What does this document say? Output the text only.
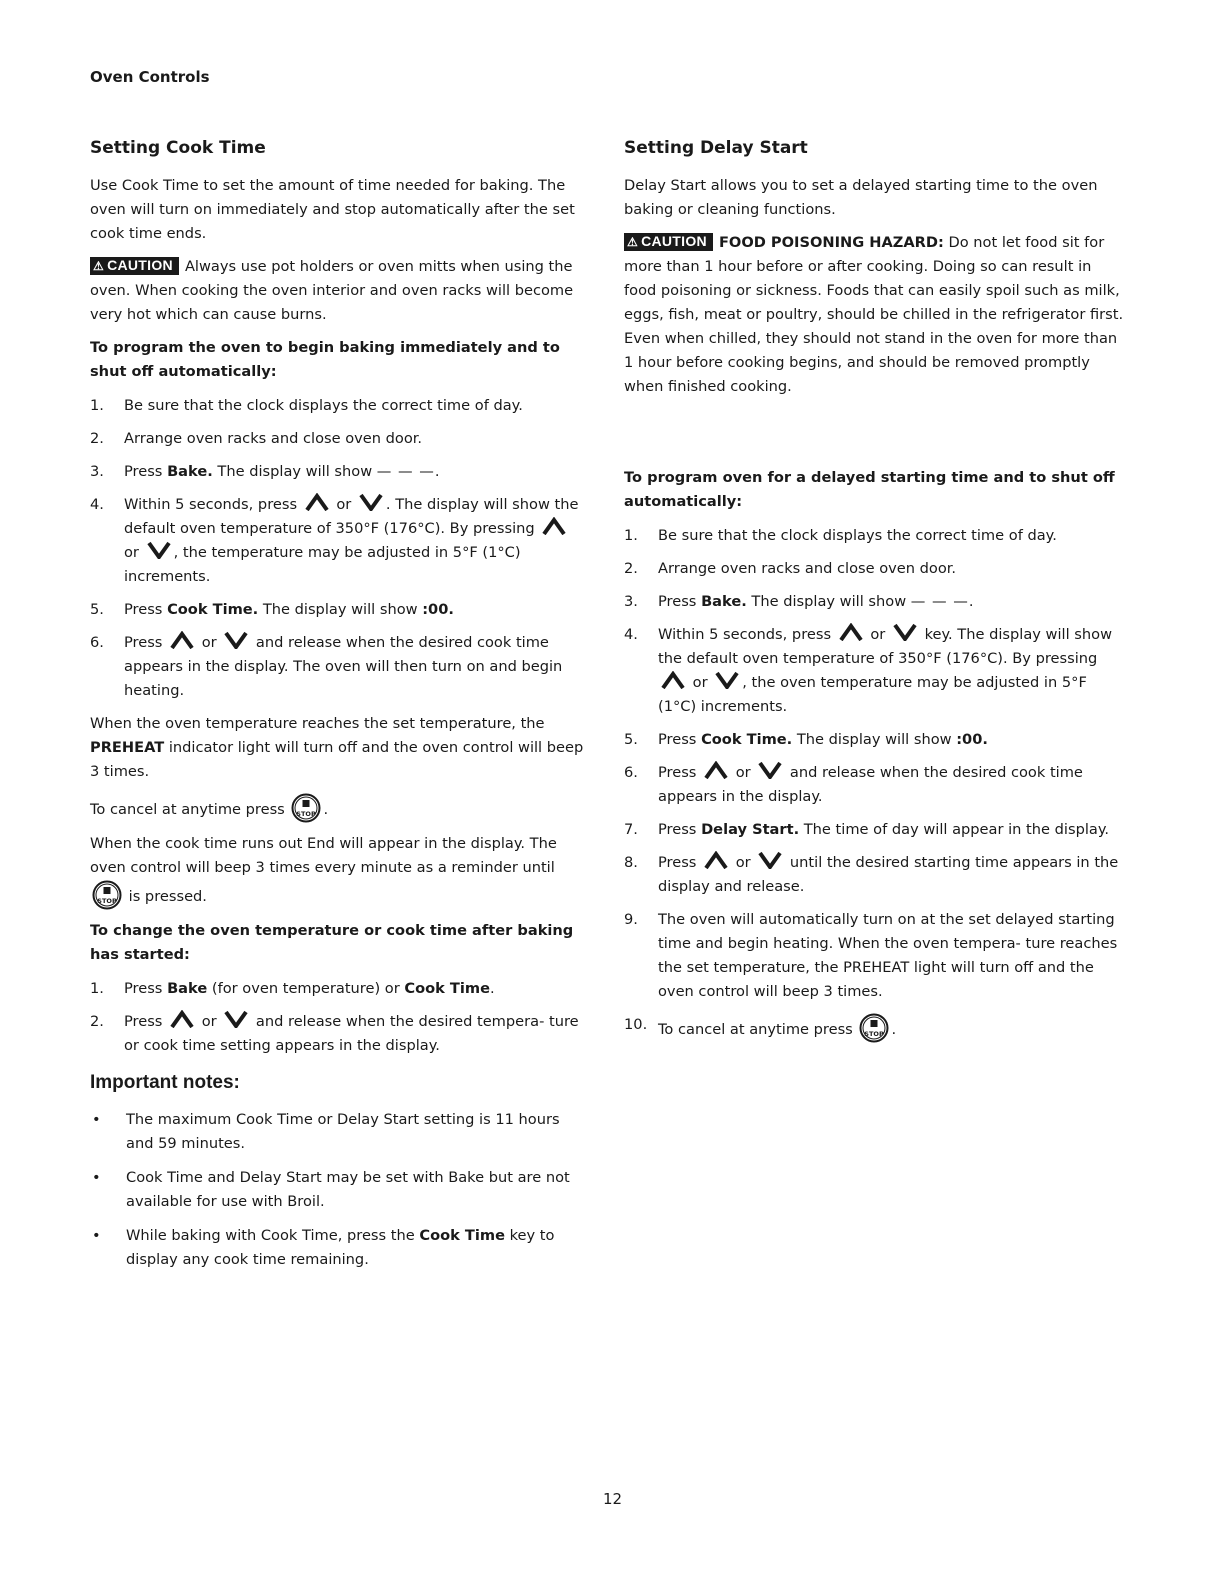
Oven Controls
Setting Cook Time

Use Cook Time to set the amount of time needed for baking. The oven will turn on immediately and stop automatically after the set cook time ends.

⚠ CAUTION Always use pot holders or oven mitts when using the oven. When cooking the oven interior and oven racks will become very hot which can cause burns.

To program the oven to begin baking immediately and to shut off automatically:

1.	Be sure that the clock displays the correct time of day.
2.	Arrange oven racks and close oven door.
3.	Press Bake. The display will show — — —.
4.	Within 5 seconds, press	or . The display will show the default oven temperature of 350°F (176°C). By pressing  or , the temperature may be adjusted in 5°F (1°C) increments.
5.	Press Cook Time. The display will show :00.
6.	Press	or	and release when the desired cook time appears in the display. The oven will then turn on and begin heating.

When the oven temperature reaches the set temperature, the PREHEAT indicator light will turn off and the oven control will beep 3 times.

To cancel at anytime press	.

When the cook time runs out End will appear in the display. The oven control will beep 3 times every minute as a reminder until
is pressed.

To change the oven temperature or cook time after baking has started:

1.	Press Bake (for oven temperature) or Cook Time.
2.	Press	or	and release when the desired tempera- ture or cook time setting appears in the display.
Important notes:
•	The maximum Cook Time or Delay Start setting is 11 hours and 59 minutes.
•	Cook Time and Delay Start may be set with Bake but are not available for use with Broil.
•	While baking with Cook Time, press the Cook Time key to display any cook time remaining.
Setting Delay Start

Delay Start allows you to set a delayed starting time to the oven baking or cleaning functions.

⚠ CAUTION FOOD POISONING HAZARD: Do not let food sit for more than 1 hour before or after cooking. Doing so can result in food poisoning or sickness. Foods that can easily spoil such as milk, eggs, fish, meat or poultry, should be chilled in the refrigerator first. Even when chilled, they should not stand in the oven for more than 1 hour before cooking begins, and should be removed promptly when finished cooking.

To program oven for a delayed starting time and to shut off automatically:

1.	Be sure that the clock displays the correct time of day.
2.	Arrange oven racks and close oven door.
3.	Press Bake. The display will show — — —.
4.	Within 5 seconds, press	or	key. The display will show the default oven temperature of 350°F (176°C). By pressing  or , the oven temperature may be adjusted in 5°F (1°C) increments.
5.	Press Cook Time. The display will show :00.
6.	Press	or	and release when the desired cook time appears in the display.
7.	Press Delay Start. The time of day will appear in the display.
8.	Press	or	until the desired starting time appears in the display and release.
9.	The oven will automatically turn on at the set delayed starting time and begin heating. When the oven tempera- ture reaches the set temperature, the PREHEAT light will turn off and the oven control will beep 3 times.
10. To cancel at anytime press	.
12
